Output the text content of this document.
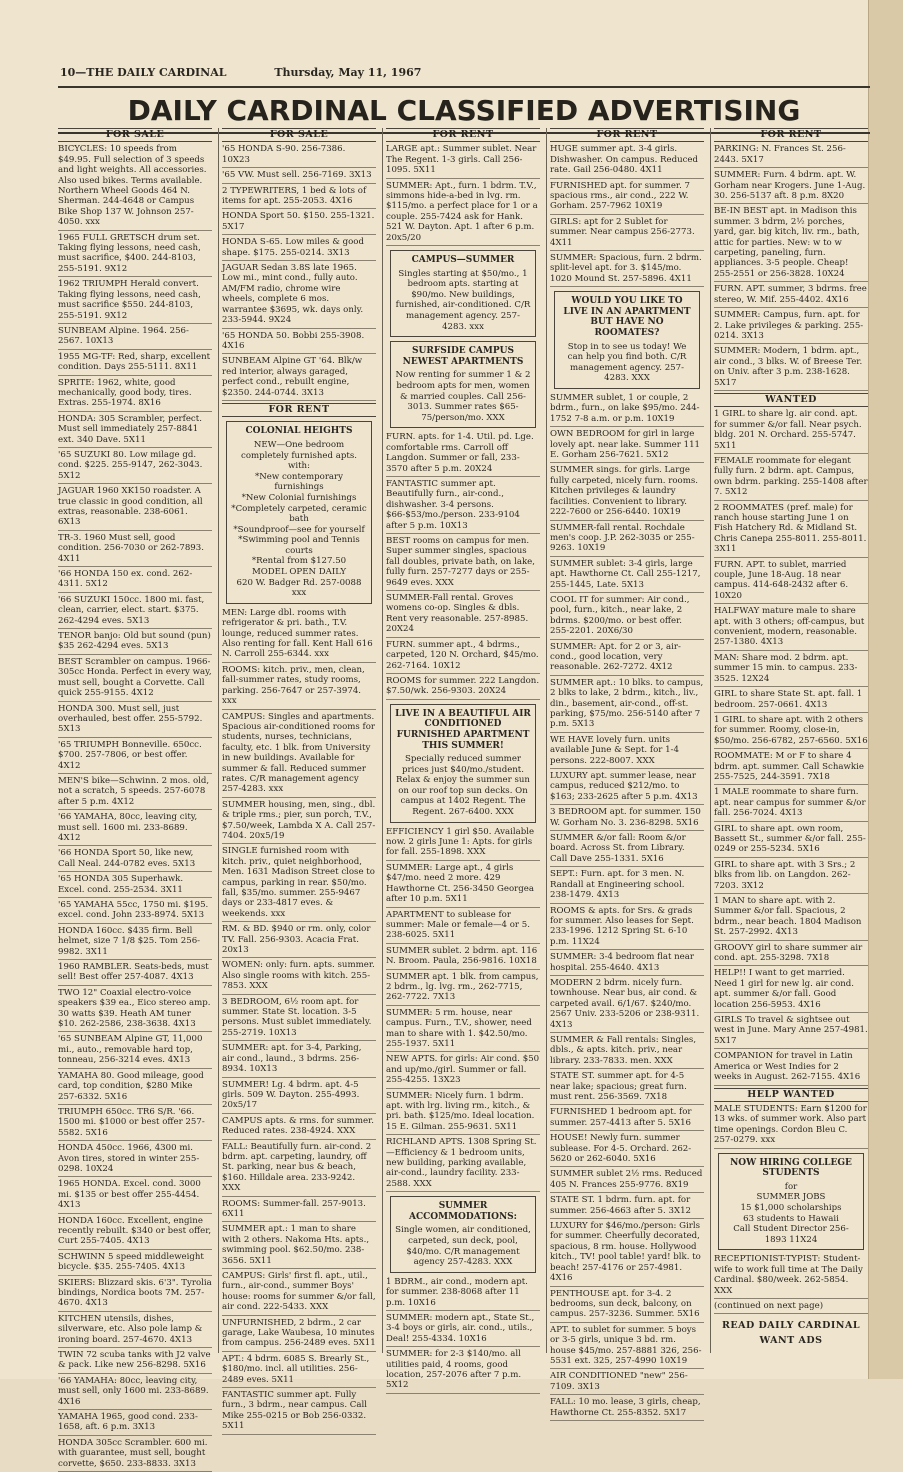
10—THE DAILY CARDINAL	Thursday, May 11, 1967
DAILY CARDINAL CLASSIFIED ADVERTISING
FOR SALE

BICYCLES: 10 speeds from $49.95. Full selection of 3 speeds and light weights. All accessories. Also used bikes. Terms available. Northern Wheel Goods 464 N. Sherman. 244-4648 or Campus Bike Shop 137 W. Johnson 257-4050. xxx

1965 FULL GRETSCH drum set. Taking flying lessons, need cash, must sacrifice, $400. 244-8103, 255-5191. 9X12

1962 TRIUMPH Herald convert. Taking flying lessons, need cash, must sacrifice $550. 244-8103, 255-5191. 9X12

SUNBEAM Alpine. 1964. 256-2567. 10X13

1955 MG-TF: Red, sharp, excellent condition. Days 255-5111. 8X11

SPRITE: 1962, white, good mechanically, good body, tires. Extras. 255-1974. 8X16

HONDA: 305 Scrambler, perfect. Must sell immediately 257-8841 ext. 340 Dave. 5X11

'65 SUZUKI 80. Low milage gd. cond. $225. 255-9147, 262-3043. 5X12

JAGUAR 1960 XK150 roadster. A true classic in good condition, all extras, reasonable. 238-6061. 6X13

TR-3. 1960 Must sell, good condition. 256-7030 or 262-7893. 4X11

'66 HONDA 150 ex. cond. 262-4311. 5X12

'66 SUZUKI 150cc. 1800 mi. fast, clean, carrier, elect. start. $375. 262-4294 eves. 5X13

TENOR banjo: Old but sound (pun) $35 262-4294 eves. 5X13

BEST Scrambler on campus. 1966-305cc Honda. Perfect in every way, must sell, bought a Corvette. Call quick 255-9155. 4X12

HONDA 300. Must sell, just overhauled, best offer. 255-5792. 5X13

'65 TRIUMPH Bonneville. 650cc. $700. 257-7806, or best offer. 4X12

MEN'S bike—Schwinn. 2 mos. old, not a scratch, 5 speeds. 257-6078 after 5 p.m. 4X12

'66 YAMAHA, 80cc, leaving city, must sell. 1600 mi. 233-8689. 4X12

'66 HONDA Sport 50, like new, Call Neal. 244-0782 eves. 5X13

'65 HONDA 305 Superhawk. Excel. cond. 255-2534. 3X11

'65 YAMAHA 55cc, 1750 mi. $195. excel. cond. John 233-8974. 5X13

HONDA 160cc. $435 firm. Bell helmet, size 7 1/8 $25. Tom 256-9982. 3X11

1960 RAMBLER. Seats-beds, must sell! Best offer 257-4087. 4X13

TWO 12" Coaxial electro-voice speakers $39 ea., Eico stereo amp. 30 watts $39. Heath AM tuner $10. 262-2586, 238-3638. 4X13

'65 SUNBEAM Alpine GT, 11,000 mi., auto., removable hard top, tonneau, 256-3214 eves. 4X13

YAMAHA 80. Good mileage, good card, top condition, $280 Mike 257-6332. 5X16

TRIUMPH 650cc. TR6 S/R. '66. 1500 mi. $1000 or best offer 257-5582. 5X16

HONDA 450cc. 1966, 4300 mi. Avon tires, stored in winter 255-0298. 10X24

1965 HONDA. Excel. cond. 3000 mi. $135 or best offer 255-4454. 4X13

HONDA 160cc. Excellent, engine recently rebuilt. $340 or best offer, Curt 255-7405. 4X13

SCHWINN 5 speed middleweight bicycle. $35. 255-7405. 4X13

SKIERS: Blizzard skis. 6'3". Tyrolia bindings, Nordica boots 7M. 257-4670. 4X13

KITCHEN utensils, dishes, silverware, etc. Also pole lamp & ironing board. 257-4670. 4X13

TWIN 72 scuba tanks with J2 valve & pack. Like new 256-8298. 5X16

'66 YAMAHA: 80cc, leaving city, must sell, only 1600 mi. 233-8689. 4X16

YAMAHA 1965, good cond. 233-1658, aft. 6 p.m. 3X13

HONDA 305cc Scrambler. 600 mi. with guarantee, must sell, bought corvette, $650. 233-8833. 3X13

FOR SALE

'65 HONDA S-90. 256-7386. 10X23

'65 VW. Must sell. 256-7169. 3X13

2 TYPEWRITERS, 1 bed & lots of items for apt. 255-2053. 4X16

HONDA Sport 50. $150. 255-1321. 5X17

HONDA S-65. Low miles & good shape. $175. 255-0214. 3X13

JAGUAR Sedan 3.8S late 1965. Low mi., mint cond., fully auto. AM/FM radio, chrome wire wheels, complete 6 mos. warrantee $3695, wk. days only. 233-5944. 9X24

'65 HONDA 50. Bobbi 255-3908. 4X16

SUNBEAM Alpine GT '64. Blk/w red interior, always garaged, perfect cond., rebuilt engine, $2350. 244-0744. 3X13

FOR RENT
COLONIAL HEIGHTS
NEW—One bedroom completely furnished apts. with:
*New contemporary furnishings
*New Colonial furnishings
*Completely carpeted, ceramic bath
*Soundproof—see for yourself
*Swimming pool and Tennis courts
*Rental from $127.50
MODEL OPEN DAILY
620 W. Badger Rd. 257-0088 xxx

MEN: Large dbl. rooms with refrigerator & pri. bath., T.V. lounge, reduced summer rates. Also renting for fall. Kent Hall 616 N. Carroll 255-6344. xxx

ROOMS: kitch. priv., men, clean, fall-summer rates, study rooms, parking. 256-7647 or 257-3974. xxx

CAMPUS: Singles and apartments. Spacious air-conditioned rooms for students, nurses, technicians, faculty, etc. 1 blk. from University in new buildings. Available for summer & fall. Reduced summer rates. C/R management agency 257-4283. xxx

SUMMER housing, men, sing., dbl. & triple rms.; pier, sun porch, T.V., $7.50/week, Lambda X A. Call 257-7404. 20x5/19

SINGLE furnished room with kitch. priv., quiet neighborhood, Men. 1631 Madison Street close to campus, parking in rear. $50/mo. fall, $35/mo. summer. 255-9467 days or 233-4817 eves. & weekends. xxx

RM. & BD. $940 or rm. only, color TV. Fall. 256-9303. Acacia Frat. 20x13

WOMEN: only: furn. apts. summer. Also single rooms with kitch. 255-7853. XXX

3 BEDROOM, 6½ room apt. for summer. State St. location. 3-5 persons. Must sublet immediately. 255-2719. 10X13

SUMMER: apt. for 3-4, Parking, air cond., laund., 3 bdrms. 256-8934. 10X13

SUMMER! Lg. 4 bdrm. apt. 4-5 girls. 509 W. Dayton. 255-4993. 20x5/17

CAMPUS apts. & rms. for summer. Reduced rates. 238-4924. XXX

FALL: Beautifully furn. air-cond. 2 bdrm. apt. carpeting, laundry, off St. parking, near bus & beach, $160. Hilldale area. 233-9242. XXX

ROOMS: Summer-fall. 257-9013. 6X11

SUMMER apt.: 1 man to share with 2 others. Nakoma Hts. apts., swimming pool. $62.50/mo. 238-3656. 5X11

CAMPUS: Girls' first fl. apt., util., furn., air-cond., summer Boys' house: rooms for summer &/or fall, air cond. 222-5433. XXX

UNFURNISHED, 2 bdrm., 2 car garage, Lake Waubesa, 10 minutes from campus. 256-2489 eves. 5X11

APT.: 4 bdrm. 6085 S. Brearly St., $180/mo. incl. all utilities. 256-2489 eves. 5X11

FANTASTIC summer apt. Fully furn., 3 bdrm., near campus. Call Mike 255-0215 or Bob 256-0332. 5X11

FOR RENT

LARGE apt.: Summer sublet. Near The Regent. 1-3 girls. Call 256-1095. 5X11

SUMMER: Apt., furn. 1 bdrm. T.V., simmons hide-a-bed in lvg. rm. $115/mo. a perfect place for 1 or a couple. 255-7424 ask for Hank. 521 W. Dayton. Apt. 1 after 6 p.m. 20x5/20

CAMPUS—SUMMER
Singles starting at $50/mo., 1 bedroom apts. starting at $90/mo. New buildings, furnished, air-conditioned. C/R management agency. 257-4283. xxx
SURFSIDE CAMPUS NEWEST APARTMENTS
Now renting for summer 1 & 2 bedroom apts for men, women & married couples. Call 256-3013. Summer rates $65-75/person/mo. XXX

FURN. apts. for 1-4. Util. pd. Lge. comfortable rms. Carroll off Langdon. Summer or fall, 233-3570 after 5 p.m. 20X24

FANTASTIC summer apt. Beautifully furn., air-cond., dishwasher. 3-4 persons. $66-$53/mo./person. 233-9104 after 5 p.m. 10X13

BEST rooms on campus for men. Super summer singles, spacious fall doubles, private bath, on lake, fully furn. 257-7277 days or 255-9649 eves. XXX

SUMMER-Fall rental. Groves womens co-op. Singles & dbls. Rent very reasonable. 257-8985. 20X24

FURN. summer apt., 4 bdrms., carpeted, 120 N. Orchard, $45/mo. 262-7164. 10X12

ROOMS for summer. 222 Langdon. $7.50/wk. 256-9303. 20X24

LIVE IN A BEAUTIFUL AIR CONDITIONED FURNISHED APARTMENT THIS SUMMER!
Specially reduced summer prices just $40/mo./student. Relax & enjoy the summer sun on our roof top sun decks. On campus at 1402 Regent. The Regent. 267-6400. XXX

EFFICIENCY 1 girl $50. Available now. 2 girls June 1: Apts. for girls for fall. 255-1898. XXX

SUMMER: Large apt., 4 girls $47/mo. need 2 more. 429 Hawthorne Ct. 256-3450 Georgea after 10 p.m. 5X11

APARTMENT to sublease for summer: Male or female—4 or 5. 238-6025. 5X11

SUMMER sublet. 2 bdrm. apt. 116 N. Broom. Paula, 256-9816. 10X18

SUMMER apt. 1 blk. from campus, 2 bdrm., lg. lvg. rm., 262-7715, 262-7722. 7X13

SUMMER: 5 rm. house, near campus. Furn., T.V., shower, need man to share with 1. $42.50/mo. 255-1937. 5X11

NEW APTS. for girls: Air cond. $50 and up/mo./girl. Summer or fall. 255-4255. 13X23

SUMMER: Nicely furn. 1 bdrm. apt. with lrg. living rm., kitch., & pri. bath. $125/mo. Ideal location. 15 E. Gilman. 255-9631. 5X11

RICHLAND APTS. 1308 Spring St.—Efficiency & 1 bedroom units, new building, parking available, air-cond., laundry facility. 233-2588. XXX

SUMMER ACCOMMODATIONS:
Single women, air conditioned, carpeted, sun deck, pool, $40/mo. C/R management agency 257-4283. XXX

1 BDRM., air cond., modern apt. for summer. 238-8068 after 11 p.m. 10X16

SUMMER: modern apt., State St., 3-4 boys or girls, air. cond., utils., Deal! 255-4334. 10X16

SUMMER: for 2-3 $140/mo. all utilities paid, 4 rooms, good location, 257-2076 after 7 p.m. 5X12

FOR RENT

HUGE summer apt. 3-4 girls. Dishwasher. On campus. Reduced rate. Gail 256-0480. 4X11

FURNISHED apt. for summer. 7 spacious rms., air cond., 222 W. Gorham. 257-7962 10X19

GIRLS: apt for 2 Sublet for summer. Near campus 256-2773. 4X11

SUMMER: Spacious, furn. 2 bdrm. split-level apt. for 3. $145/mo. 1020 Mound St. 257-5896. 4X11

WOULD YOU LIKE TO LIVE IN AN APARTMENT BUT HAVE NO ROOMATES?
Stop in to see us today! We can help you find both. C/R management agency. 257-4283. XXX

SUMMER sublet, 1 or couple, 2 bdrm., furn., on lake $95/mo. 244-1752 7-8 a.m. or p.m. 10X19

OWN BEDROOM for girl in large lovely apt. near lake. Summer 111 E. Gorham 256-7621. 5X12

SUMMER sings. for girls. Large fully carpeted, nicely furn. rooms. Kitchen privileges & laundry facilities. Convenient to library. 222-7600 or 256-6440. 10X19

SUMMER-fall rental. Rochdale men's coop. J.P. 262-3035 or 255-9263. 10X19

SUMMER sublet: 3-4 girls, large apt. Hawthorne Ct. Call 255-1217, 255-1445, Late. 5X13

COOL IT for summer: Air cond., pool, furn., kitch., near lake, 2 bdrms. $200/mo. or best offer. 255-2201. 20X6/30

SUMMER: Apt. for 2 or 3, air-cond., good location, very reasonable. 262-7272. 4X12

SUMMER apt.: 10 blks. to campus, 2 blks to lake, 2 bdrm., kitch., liv., din., basement, air-cond., off-st. parking, $75/mo. 256-5140 after 7 p.m. 5X13

WE HAVE lovely furn. units available June & Sept. for 1-4 persons. 222-8007. XXX

LUXURY apt. summer lease, near campus, reduced $212/mo. to $163; 233-2625 after 5 p.m. 4X13

3 BEDROOM apt. for summer. 150 W. Gorham No. 3. 236-8298. 5X16

SUMMER &/or fall: Room &/or board. Across St. from Library. Call Dave 255-1331. 5X16

SEPT.: Furn. apt. for 3 men. N. Randall at Engineering school. 238-1479. 4X13

ROOMS & apts. for Srs. & grads for summer. Also leases for Sept. 233-1996. 1212 Spring St. 6-10 p.m. 11X24

SUMMER: 3-4 bedroom flat near hospital. 255-4640. 4X13

MODERN 2 bdrm. nicely furn. townhouse. Near bus, air cond. & carpeted avail. 6/1/67. $240/mo. 2567 Univ. 233-5206 or 238-9311. 4X13

SUMMER & Fall rentals: Singles, dbls., & apts. kitch. priv., near library. 233-7833. men. XXX

STATE ST. summer apt. for 4-5 near lake; spacious; great furn. must rent. 256-3569. 7X18

FURNISHED 1 bedroom apt. for summer. 257-4413 after 5. 5X16

HOUSE! Newly furn. summer sublease. For 4-5. Orchard. 262-5620 or 262-6040. 5X16

SUMMER sublet 2½ rms. Reduced 405 N. Frances 255-9776. 8X19

STATE ST. 1 bdrm. furn. apt. for summer. 256-4663 after 5. 3X12

LUXURY for $46/mo./person: Girls for summer. Cheerfully decorated, spacious, 8 rm. house. Hollywood kitch., TV! pool table! yard! blk. to beach! 257-4176 or 257-4981. 4X16

PENTHOUSE apt. for 3-4. 2 bedrooms, sun deck, balcony, on campus. 257-3236. Summer. 5X16

APT. to sublet for summer. 5 boys or 3-5 girls, unique 3 bd. rm. house $45/mo. 257-8881 326, 256-5531 ext. 325, 257-4990 10X19

AIR CONDITIONED "new" 256-7109. 3X13

FALL: 10 mo. lease, 3 girls, cheap, Hawthorne Ct. 255-8352. 5X17

FOR RENT

PARKING: N. Frances St. 256-2443. 5X17

SUMMER: Furn. 4 bdrm. apt. W. Gorham near Krogers. June 1-Aug. 30. 256-5137 aft. 8 p.m. 8X20

BE-IN BEST apt. in Madison this summer. 3 bdrm, 2½ porches, yard, gar. big kitch, liv. rm., bath, attic for parties. New: w to w carpeting, paneling, furn. appliances. 3-5 people. Cheap! 255-2551 or 256-3828. 10X24

FURN. APT. summer, 3 bdrms. free stereo, W. Mif. 255-4402. 4X16

SUMMER: Campus, furn. apt. for 2. Lake privileges & parking. 255-0214. 3X13

SUMMER: Modern, 1 bdrm. apt., air cond., 3 blks. W. of Breese Ter. on Univ. after 3 p.m. 238-1628. 5X17

WANTED

1 GIRL to share lg. air cond. apt. for summer &/or fall. Near psych. bldg. 201 N. Orchard. 255-5747. 5X11

FEMALE roommate for elegant fully furn. 2 bdrm. apt. Campus, own bdrm. parking. 255-1408 after 7. 5X12

2 ROOMMATES (pref. male) for ranch house starting June 1 on Fish Hatchery Rd. & Midland St. Chris Canepa 255-8011. 255-8011. 3X11

FURN. APT. to sublet, married couple, June 18-Aug. 18 near campus. 414-648-2432 after 6. 10X20

HALFWAY mature male to share apt. with 3 others; off-campus, but convenient, modern, reasonable. 257-1380. 4X13

MAN: Share mod. 2 bdrm. apt. summer 15 min. to campus. 233-3525. 12X24

GIRL to share State St. apt. fall. 1 bedroom. 257-0661. 4X13

1 GIRL to share apt. with 2 others for summer. Roomy, close-in, $50/mo. 256-6782, 257-6560. 5X16

ROOMMATE: M or F to share 4 bdrm. apt. summer. Call Schawkie 255-7525, 244-3591. 7X18

1 MALE roommate to share furn. apt. near campus for summer &/or fall. 256-7024. 4X13

GIRL to share apt. own room, Bassett St., summer &/or fall. 255-0249 or 255-5234. 5X16

GIRL to share apt. with 3 Srs.; 2 blks from lib. on Langdon. 262-7203. 3X12

1 MAN to share apt. with 2. Summer &/or fall. Spacious, 2 bdrm., near beach. 1804 Madison St. 257-2992. 4X13

GROOVY girl to share summer air cond. apt. 255-3298. 7X18

HELP!! I want to get married. Need 1 girl for new lg. air cond. apt. summer &/or fall. Good location 256-5953. 4X16

GIRLS To travel & sightsee out west in June. Mary Anne 257-4981. 5X17

COMPANION for travel in Latin America or West Indies for 2 weeks in August. 262-7155. 4X16

HELP WANTED

MALE STUDENTS: Earn $1200 for 13 wks. of summer work. Also part time openings. Cordon Bleu C. 257-0279. xxx

NOW HIRING COLLEGE STUDENTS
for
SUMMER JOBS
15 $1,000 scholarships
63 students to Hawaii
Call Student Director 256-1893 11X24

RECEPTIONIST-TYPIST: Student-wife to work full time at The Daily Cardinal. $80/week. 262-5854. XXX

(continued on next page)

READ DAILY CARDINAL
WANT ADS
